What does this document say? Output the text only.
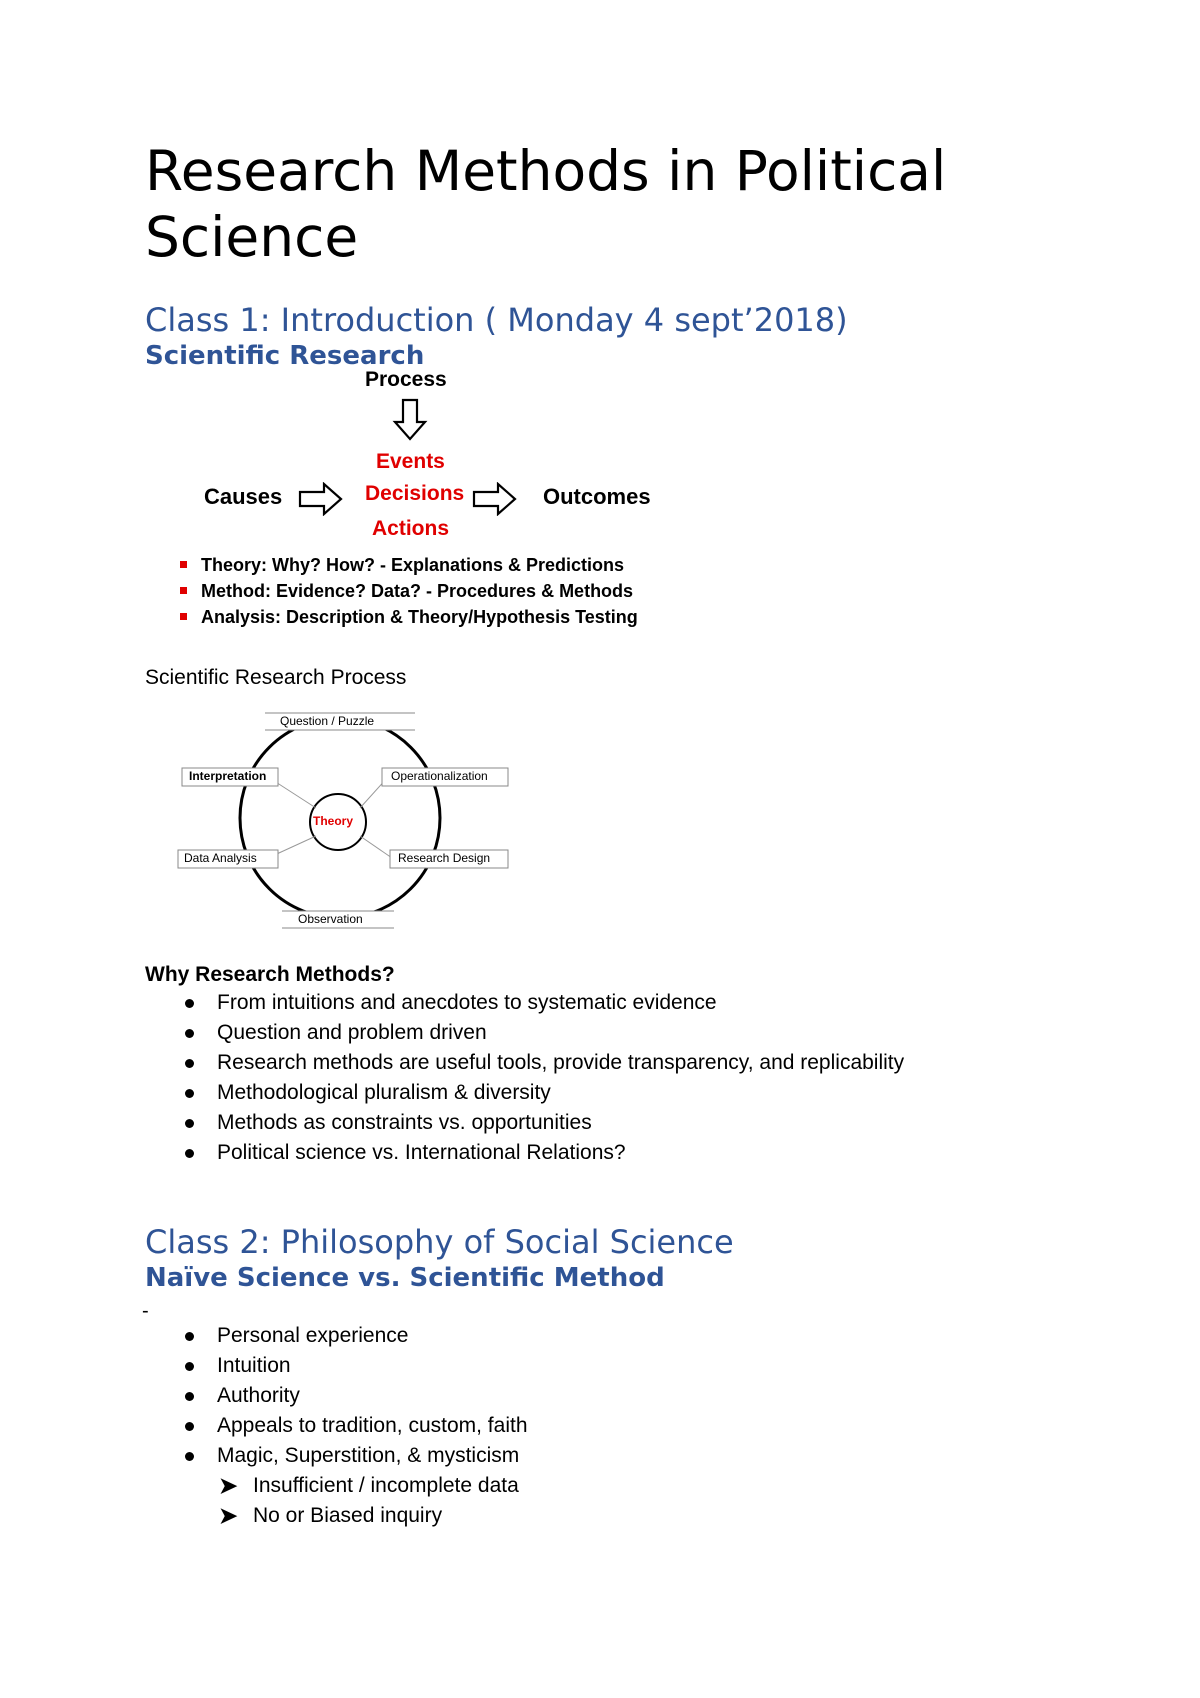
Research Methods in Political
Science
Class 1: Introduction ( Monday 4 sept’2018)
Scientific Research
Process
Events
Decisions
Actions
Causes	Outcomes
Theory: Why? How? - Explanations & Predictions
Method: Evidence? Data? - Procedures & Methods
Analysis: Description & Theory/Hypothesis Testing
Scientific Research Process
Question / Puzzle
Operationalization
Research Design
Observation
Data Analysis
Interpretation
Theory
Why Research Methods?
From intuitions and anecdotes to systematic evidence
Question and problem driven
Research methods are useful tools, provide transparency, and replicability
Methodological pluralism & diversity
Methods as constraints vs. opportunities
Political science vs. International Relations?
Class 2: Philosophy of Social Science
Naïve Science vs. Scientific Method
-
Personal experience
Intuition
Authority
Appeals to tradition, custom, faith
Magic, Superstition, & mysticism
➤ Insufficient / incomplete data
➤ No or Biased inquiry
